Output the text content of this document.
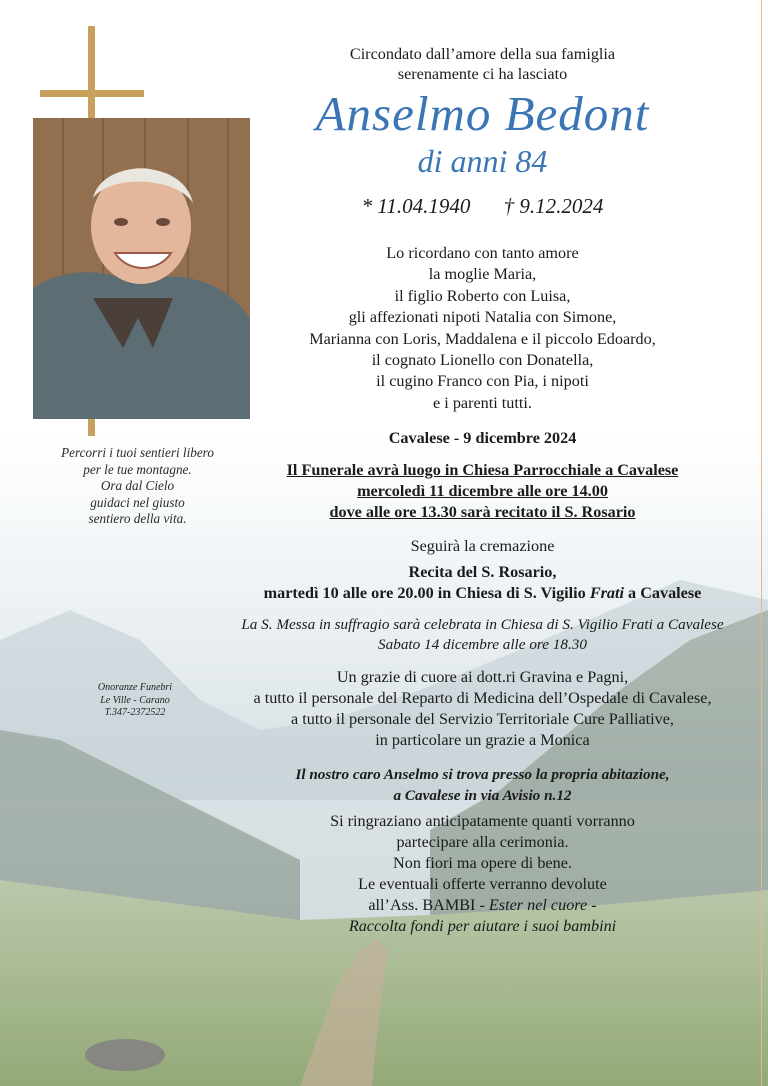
Percorri i tuoi sentieri libero
per le tue montagne.
Ora dal Cielo
guidaci nel giusto
sentiero della vita.
Onoranze Funebri
Le Ville - Carano
T.347-2372522
Circondato dall’amore della sua famiglia
serenamente ci ha lasciato
Anselmo Bedont
di anni 84
* 11.04.1940 † 9.12.2024
Lo ricordano con tanto amore
la moglie Maria,
il figlio Roberto con Luisa,
gli affezionati nipoti Natalia con Simone,
Marianna con Loris, Maddalena e il piccolo Edoardo,
il cognato Lionello con Donatella,
il cugino Franco con Pia, i nipoti
e i parenti tutti.
Cavalese - 9 dicembre 2024
Il Funerale avrà luogo in Chiesa Parrocchiale a Cavalese
mercoledì 11 dicembre alle ore 14.00
dove alle ore 13.30 sarà recitato il S. Rosario
Seguirà la cremazione
Recita del S. Rosario,
martedì 10 alle ore 20.00 in Chiesa di S. Vigilio Frati a Cavalese
La S. Messa in suffragio sarà celebrata in Chiesa di S. Vigilio Frati a Cavalese
Sabato 14 dicembre alle ore 18.30
Un grazie di cuore ai dott.ri Gravina e Pagni,
a tutto il personale del Reparto di Medicina dell’Ospedale di Cavalese,
a tutto il personale del Servizio Territoriale Cure Palliative,
in particolare un grazie a Monica
Il nostro caro Anselmo si trova presso la propria abitazione,
a Cavalese in via Avisio n.12
Si ringraziano anticipatamente quanti vorranno
partecipare alla cerimonia.
Non fiori ma opere di bene.
Le eventuali offerte verranno devolute
all’Ass. BAMBI - Ester nel cuore -
Raccolta fondi per aiutare i suoi bambini
